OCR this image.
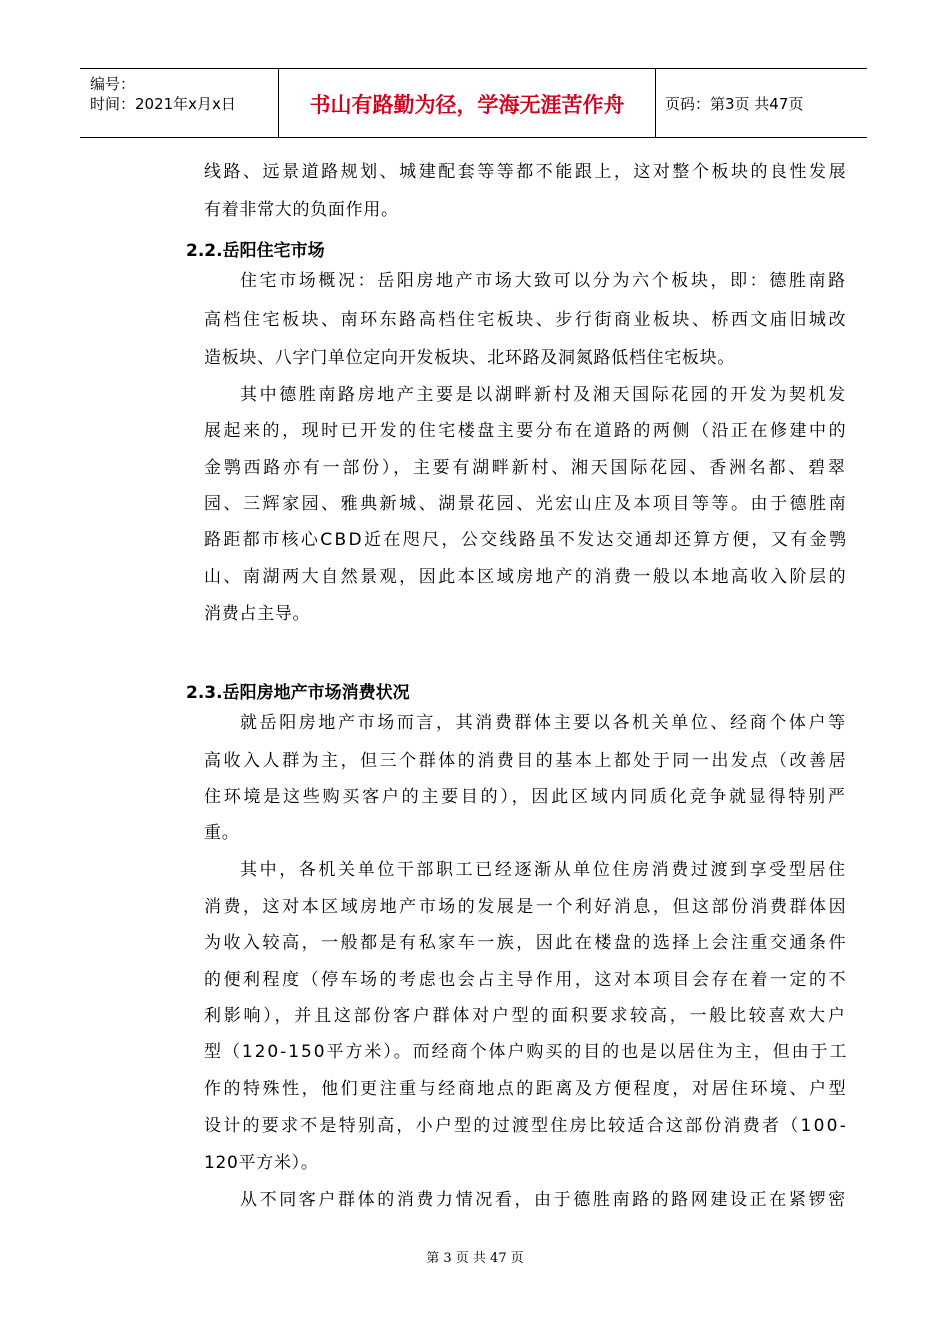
编号：
时间：2021年x月x日	书山有路勤为径，学海无涯苦作舟	页码：第3页 共47页
线路、远景道路规划、城建配套等等都不能跟上，这对整个板块的良性发展
有着非常大的负面作用。
2.2.岳阳住宅市场
住宅市场概况：岳阳房地产市场大致可以分为六个板块，即：德胜南路
高档住宅板块、南环东路高档住宅板块、步行街商业板块、桥西文庙旧城改
造板块、八字门单位定向开发板块、北环路及洞氮路低档住宅板块。
其中德胜南路房地产主要是以湖畔新村及湘天国际花园的开发为契机发
展起来的，现时已开发的住宅楼盘主要分布在道路的两侧（沿正在修建中的
金鹗西路亦有一部份），主要有湖畔新村、湘天国际花园、香洲名都、碧翠
园、三辉家园、雅典新城、湖景花园、光宏山庄及本项目等等。由于德胜南
路距都市核心CBD近在咫尺，公交线路虽不发达交通却还算方便，又有金鹗
山、南湖两大自然景观，因此本区域房地产的消费一般以本地高收入阶层的
消费占主导。
2.3.岳阳房地产市场消费状况
就岳阳房地产市场而言，其消费群体主要以各机关单位、经商个体户等
高收入人群为主，但三个群体的消费目的基本上都处于同一出发点（改善居
住环境是这些购买客户的主要目的），因此区域内同质化竞争就显得特别严
重。
其中，各机关单位干部职工已经逐渐从单位住房消费过渡到享受型居住
消费，这对本区域房地产市场的发展是一个利好消息，但这部份消费群体因
为收入较高，一般都是有私家车一族，因此在楼盘的选择上会注重交通条件
的便利程度（停车场的考虑也会占主导作用，这对本项目会存在着一定的不
利影响），并且这部份客户群体对户型的面积要求较高，一般比较喜欢大户
型（120-150平方米）。而经商个体户购买的目的也是以居住为主，但由于工
作的特殊性，他们更注重与经商地点的距离及方便程度，对居住环境、户型
设计的要求不是特别高，小户型的过渡型住房比较适合这部份消费者（100-
120平方米）。
从不同客户群体的消费力情况看，由于德胜南路的路网建设正在紧锣密
第 3 页 共 47 页
